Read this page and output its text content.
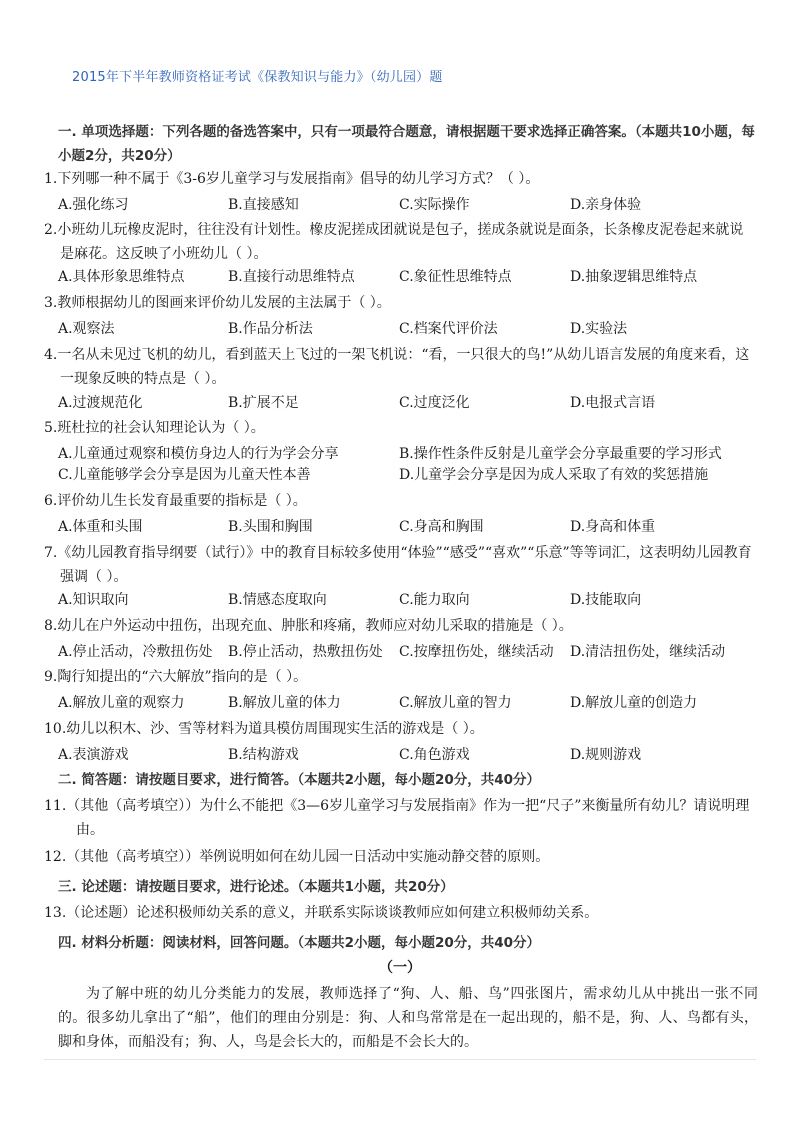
2015年下半年教师资格证考试《保教知识与能力》（幼儿园）题
一. 单项选择题：下列各题的备选答案中，只有一项最符合题意，请根据题干要求选择正确答案。（本题共10小题，每小题2分，共20分）
1.下列哪一种不属于《3-6岁儿童学习与发展指南》倡导的幼儿学习方式？（ ）。
A.强化练习	B.直接感知	C.实际操作	D.亲身体验
2.小班幼儿玩橡皮泥时，往往没有计划性。橡皮泥搓成团就说是包子，搓成条就说是面条，长条橡皮泥卷起来就说是麻花。这反映了小班幼儿（ ）。
A.具体形象思维特点	B.直接行动思维特点	C.象征性思维特点	D.抽象逻辑思维特点
3.教师根据幼儿的图画来评价幼儿发展的主法属于（ ）。
A.观察法	B.作品分析法	C.档案代评价法	D.实验法
4.一名从未见过飞机的幼儿，看到蓝天上飞过的一架飞机说：“看，一只很大的鸟!”从幼儿语言发展的角度来看，这一现象反映的特点是（ ）。
A.过渡规范化	B.扩展不足	C.过度泛化	D.电报式言语
5.班杜拉的社会认知理论认为（ ）。
A.儿童通过观察和模仿身边人的行为学会分享	B.操作性条件反射是儿童学会分享最重要的学习形式
C.儿童能够学会分享是因为儿童天性本善	D.儿童学会分享是因为成人采取了有效的奖惩措施
6.评价幼儿生长发育最重要的指标是（ ）。
A.体重和头围	B.头围和胸围	C.身高和胸围	D.身高和体重
7.《幼儿园教育指导纲要（试行）》中的教育目标较多使用“体验”“感受”“喜欢”“乐意”等等词汇，这表明幼儿园教育强调（ ）。
A.知识取向	B.情感态度取向	C.能力取向	D.技能取向
8.幼儿在户外运动中扭伤，出现充血、肿胀和疼痛，教师应对幼儿采取的措施是（ ）。
A.停止活动，冷敷扭伤处 B.停止活动，热敷扭伤处 C.按摩扭伤处，继续活动 D.清洁扭伤处，继续活动
9.陶行知提出的“六大解放”指向的是（ ）。
A.解放儿童的观察力	B.解放儿童的体力	C.解放儿童的智力	D.解放儿童的创造力
10.幼儿以积木、沙、雪等材料为道具模仿周围现实生活的游戏是（ ）。
A.表演游戏	B.结构游戏	C.角色游戏	D.规则游戏
二. 简答题：请按题目要求，进行简答。（本题共2小题，每小题20分，共40分）
11.（其他（高考填空））为什么不能把《3—6岁儿童学习与发展指南》作为一把“尺子”来衡量所有幼儿？请说明理由。
12.（其他（高考填空））举例说明如何在幼儿园一日活动中实施动静交替的原则。
三. 论述题：请按题目要求，进行论述。（本题共1小题，共20分）
13.（论述题）论述积极师幼关系的意义，并联系实际谈谈教师应如何建立积极师幼关系。
四. 材料分析题：阅读材料，回答问题。（本题共2小题，每小题20分，共40分）
（一）
为了解中班的幼儿分类能力的发展，教师选择了“狗、人、船、鸟”四张图片，需求幼儿从中挑出一张不同的。很多幼儿拿出了“船”，他们的理由分别是：狗、人和鸟常常是在一起出现的，船不是，狗、人、鸟都有头，脚和身体，而船没有；狗、人，鸟是会长大的，而船是不会长大的。
